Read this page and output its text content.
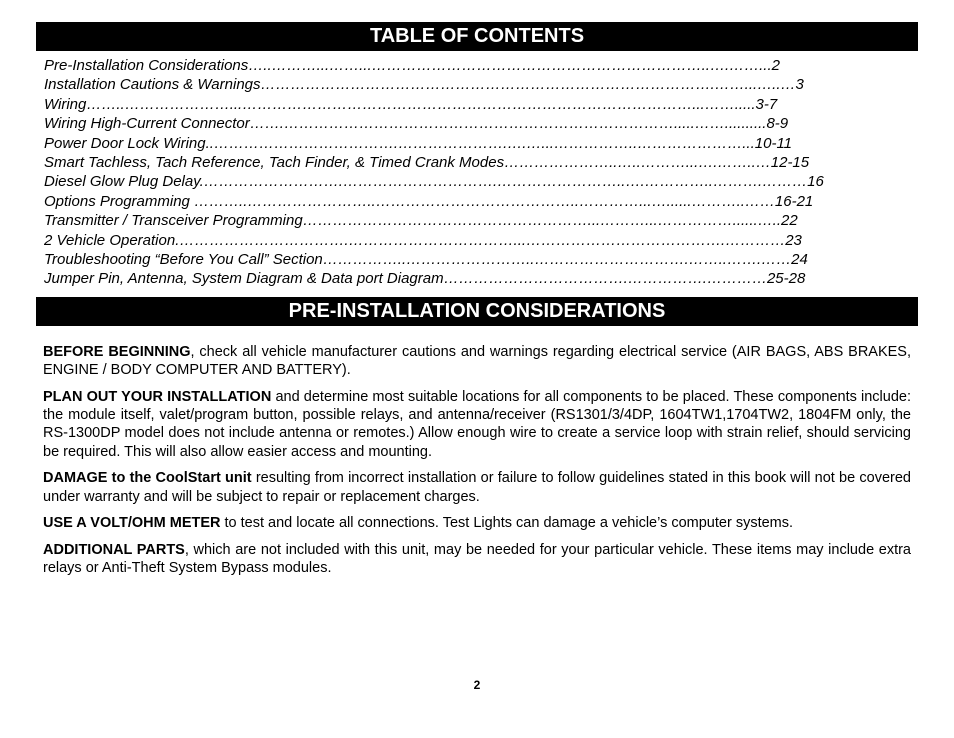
TABLE OF CONTENTS
Pre-Installation Considerations…..………...……...…………………………………………………………..….……...2
Installation Cautions & Warnings……………………………………………………………………………….……...…..…3
Wiring……..…………………...………………………………………………………………………………...…….....3-7
Wiring High-Current Connector…….…………………………………………………………………….....……..........8-9
Power Door Lock Wiring..……………………………….………………….….…...……………..…………………...10-11
Smart Tachless, Tach Reference, Tach Finder, & Timed Crank Modes…………………..…..………...….……..…12-15
Diesel Glow Plug Delay.……………………….………………………….……………………..….…………..……….………16
Options Programming ………..……………………..…………………………………..…………...…......………..……16-21
Transmitter / Transceiver Programming…………………………………………………...………...……………......…..22
2 Vehicle Operation.…………………………….……………………………...………………………………….…………23
Troubleshooting “Before You Call” Section……………..……………………..………………………….……..…….……24
Jumper Pin, Antenna, System Diagram & Data port Diagram……………………………….…………….…………25-28
PRE-INSTALLATION CONSIDERATIONS

BEFORE BEGINNING, check all vehicle manufacturer cautions and warnings regarding electrical service (AIR BAGS, ABS BRAKES, ENGINE / BODY COMPUTER AND BATTERY).

PLAN OUT YOUR INSTALLATION and determine most suitable locations for all components to be placed. These components include: the module itself, valet/program button, possible relays, and antenna/receiver (RS1301/3/4DP, 1604TW1,1704TW2, 1804FM only, the RS-1300DP model does not include antenna or remotes.) Allow enough wire to create a service loop with strain relief, should servicing be required. This will also allow easier access and mounting.

DAMAGE to the CoolStart unit resulting from incorrect installation or failure to follow guidelines stated in this book will not be covered under warranty and will be subject to repair or replacement charges.

USE A VOLT/OHM METER to test and locate all connections. Test Lights can damage a vehicle’s computer systems.

ADDITIONAL PARTS, which are not included with this unit, may be needed for your particular vehicle. These items may include extra relays or Anti-Theft System Bypass modules.

2
